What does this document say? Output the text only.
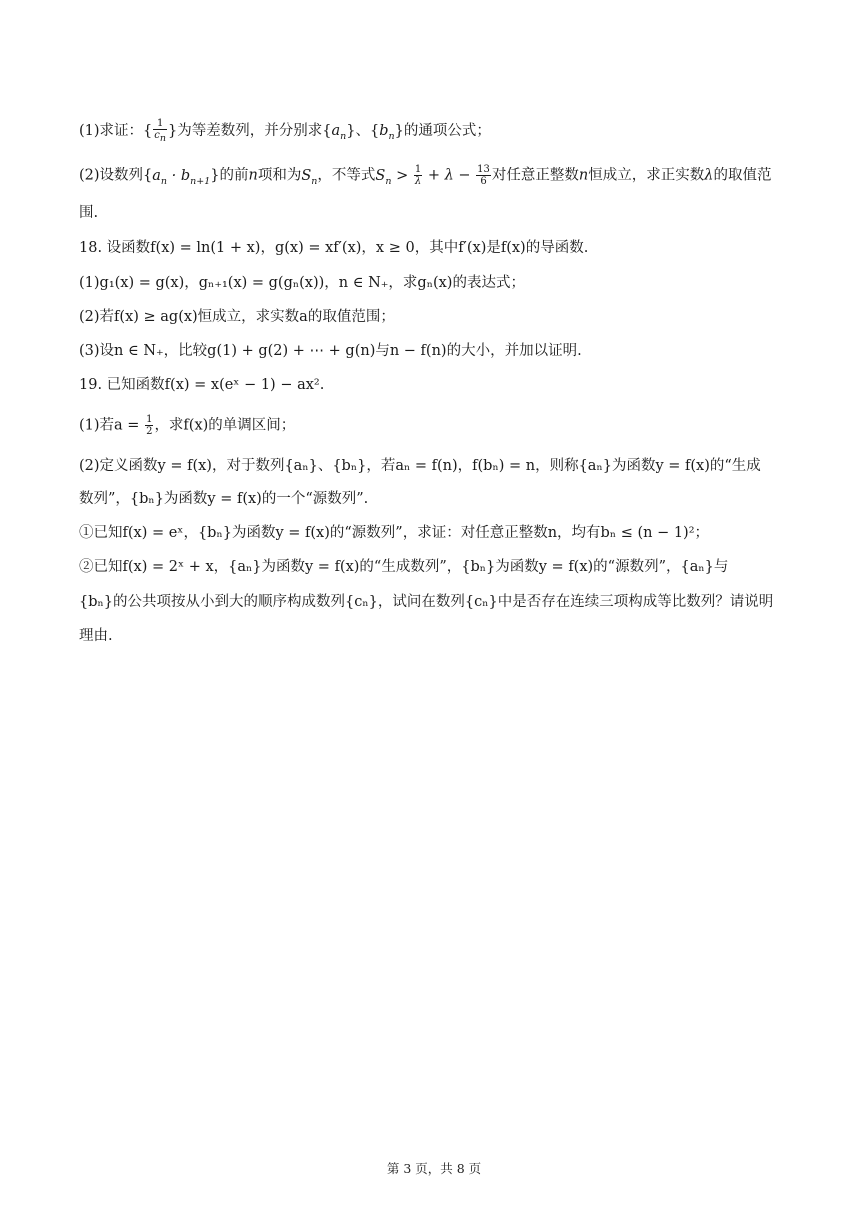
(1)求证：{ $\frac{1}{c_n}$ }为等差数列，并分别求$\{a_n\}$、$\{b_n\}$的通项公式；
(2)设数列$\{a_n \cdot b_{n+1}\}$的前n项和为$S_n$，不等式$S_n > \frac{1}{\lambda} + \lambda - \frac{13}{6}$ 对任意正整数n恒成立，求正实数λ的取值范
围.
18. 设函数f(x) = ln(1 + x)，g(x) = xf′(x)，x ≥ 0，其中f′(x)是f(x)的导函数.
(1)g₁(x) = g(x)，gₙ₊₁(x) = g(gₙ(x))，n ∈ N₊，求gₙ(x)的表达式；
(2)若f(x) ≥ ag(x)恒成立，求实数a的取值范围；
(3)设n ∈ N₊，比较g(1) + g(2) + ⋯ + g(n)与n − f(n)的大小，并加以证明.
19. 已知函数f(x) = x(eˣ − 1) − ax².
(1)若$a = \frac{1}{2}$ ，求f(x)的单调区间；
(2)定义函数y = f(x)，对于数列{aₙ}、{bₙ}，若aₙ = f(n)，f(bₙ) = n，则称{aₙ}为函数y = f(x)的“生成
数列”，{bₙ}为函数y = f(x)的一个“源数列”.
①已知f(x) = eˣ，{bₙ}为函数y = f(x)的“源数列”，求证：对任意正整数n，均有bₙ ≤ (n − 1)²；
②已知f(x) = 2ˣ + x，{aₙ}为函数y = f(x)的“生成数列”，{bₙ}为函数y = f(x)的“源数列”，{aₙ}与
{bₙ}的公共项按从小到大的顺序构成数列{cₙ}，试问在数列{cₙ}中是否存在连续三项构成等比数列？请说明
理由.
第 3 页，共 8 页
